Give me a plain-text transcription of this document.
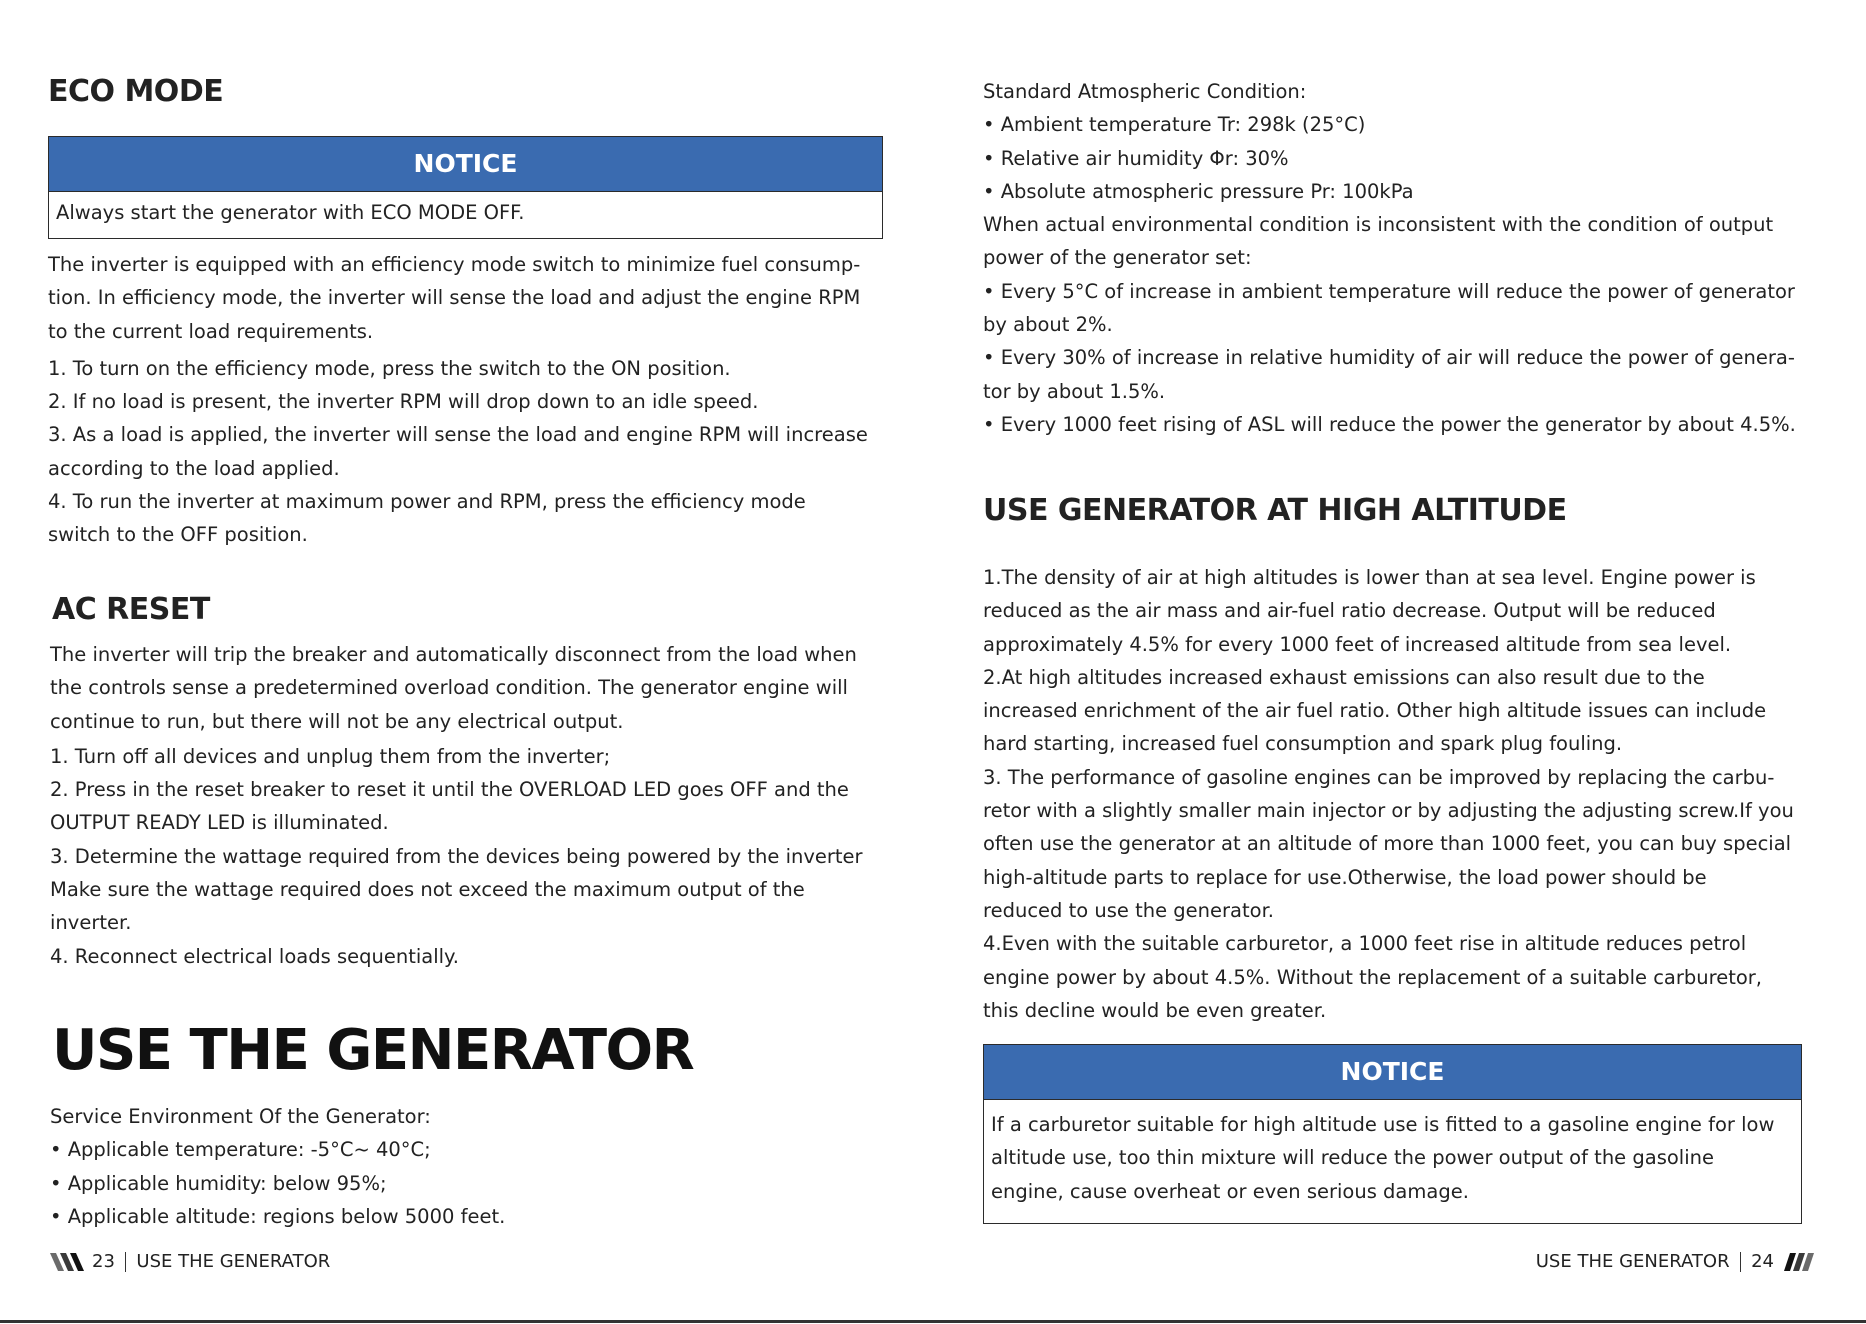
ECO MODE
NOTICE
Always start the generator with ECO MODE OFF.

The inverter is equipped with an efficiency mode switch to minimize fuel consump-

tion. In efficiency mode, the inverter will sense the load and adjust the engine RPM

to the current load requirements.

1. To turn on the efficiency mode, press the switch to the ON position.

2. If no load is present, the inverter RPM will drop down to an idle speed.

3. As a load is applied, the inverter will sense the load and engine RPM will increase

according to the load applied.

4. To run the inverter at maximum power and RPM, press the efficiency mode

switch to the OFF position.

AC RESET

The inverter will trip the breaker and automatically disconnect from the load when

the controls sense a predetermined overload condition. The generator engine will

continue to run, but there will not be any electrical output.

1. Turn off all devices and unplug them from the inverter;

2. Press in the reset breaker to reset it until the OVERLOAD LED goes OFF and the

OUTPUT READY LED is illuminated.

3. Determine the wattage required from the devices being powered by the inverter

Make sure the wattage required does not exceed the maximum output of the

inverter.

4. Reconnect electrical loads sequentially.

USE THE GENERATOR

Service Environment Of the Generator:

• Applicable temperature: -5°C~ 40°C;

• Applicable humidity: below 95%;

• Applicable altitude: regions below 5000 feet.

23 USE THE GENERATOR

Standard Atmospheric Condition:

• Ambient temperature Tr: 298k (25°C)

• Relative air humidity Φr: 30%

• Absolute atmospheric pressure Pr: 100kPa

When actual environmental condition is inconsistent with the condition of output

power of the generator set:

• Every 5°C of increase in ambient temperature will reduce the power of generator

by about 2%.

• Every 30% of increase in relative humidity of air will reduce the power of genera-

tor by about 1.5%.

• Every 1000 feet rising of ASL will reduce the power the generator by about 4.5%.

USE GENERATOR AT HIGH ALTITUDE

1.The density of air at high altitudes is lower than at sea level. Engine power is

reduced as the air mass and air-fuel ratio decrease. Output will be reduced

approximately 4.5% for every 1000 feet of increased altitude from sea level.

2.At high altitudes increased exhaust emissions can also result due to the

increased enrichment of the air fuel ratio. Other high altitude issues can include

hard starting, increased fuel consumption and spark plug fouling.

3. The performance of gasoline engines can be improved by replacing the carbu-

retor with a slightly smaller main injector or by adjusting the adjusting screw.If you

often use the generator at an altitude of more than 1000 feet, you can buy special

high-altitude parts to replace for use.Otherwise, the load power should be

reduced to use the generator.

4.Even with the suitable carburetor, a 1000 feet rise in altitude reduces petrol

engine power by about 4.5%. Without the replacement of a suitable carburetor,

this decline would be even greater.

NOTICE
If a carburetor suitable for high altitude use is fitted to a gasoline engine for low
altitude use, too thin mixture will reduce the power output of the gasoline
engine, cause overheat or even serious damage.
USE THE GENERATOR 24
